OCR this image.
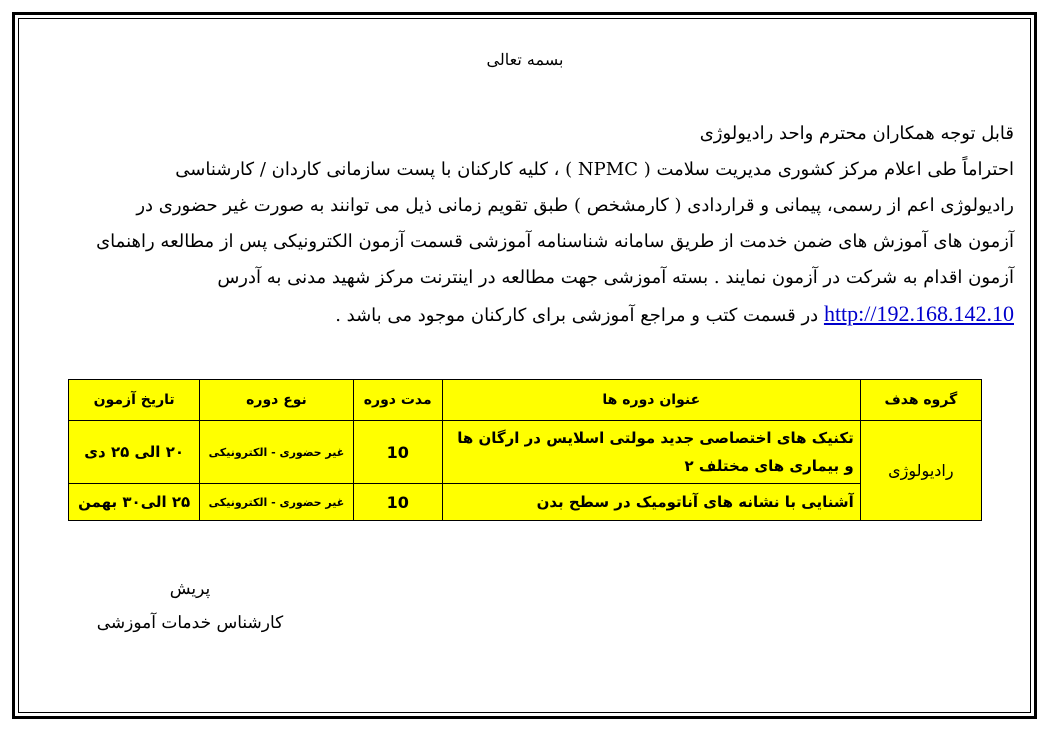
بسمه تعالی
قابل توجه همکاران محترم واحد رادیولوژی
احتراماً طی اعلام مرکز کشوری مدیریت سلامت ( NPMC ) ، کلیه کارکنان با پست سازمانی کاردان / کارشناسی
رادیولوژی اعم از رسمی، پیمانی و قراردادی ( کارمشخص ) طبق تقویم زمانی ذیل می توانند به صورت غیر حضوری در
آزمون های آموزش های ضمن خدمت از طریق سامانه شناسنامه آموزشی قسمت آزمون الکترونیکی پس از مطالعه راهنمای
آزمون اقدام به شرکت در آزمون نمایند . بسته آموزشی جهت مطالعه در اینترنت مرکز شهید مدنی به آدرس
http://192.168.142.10 در قسمت کتب و مراجع آموزشی برای کارکنان موجود می باشد .
گروه هدف	عنوان دوره ها	مدت دوره	نوع دوره	تاریخ آزمون
رادیولوژی	تکنیک های اختصاصی جدید مولتی اسلایس در ارگان ها و بیماری های مختلف ۲	10	غیر حضوری - الکترونیکی	۲۰ الی ۲۵ دی
	آشنایی با نشانه های آناتومیک در سطح بدن	10	غیر حضوری - الکترونیکی	۲۵ الی۳۰ بهمن
پریش
کارشناس خدمات آموزشی
